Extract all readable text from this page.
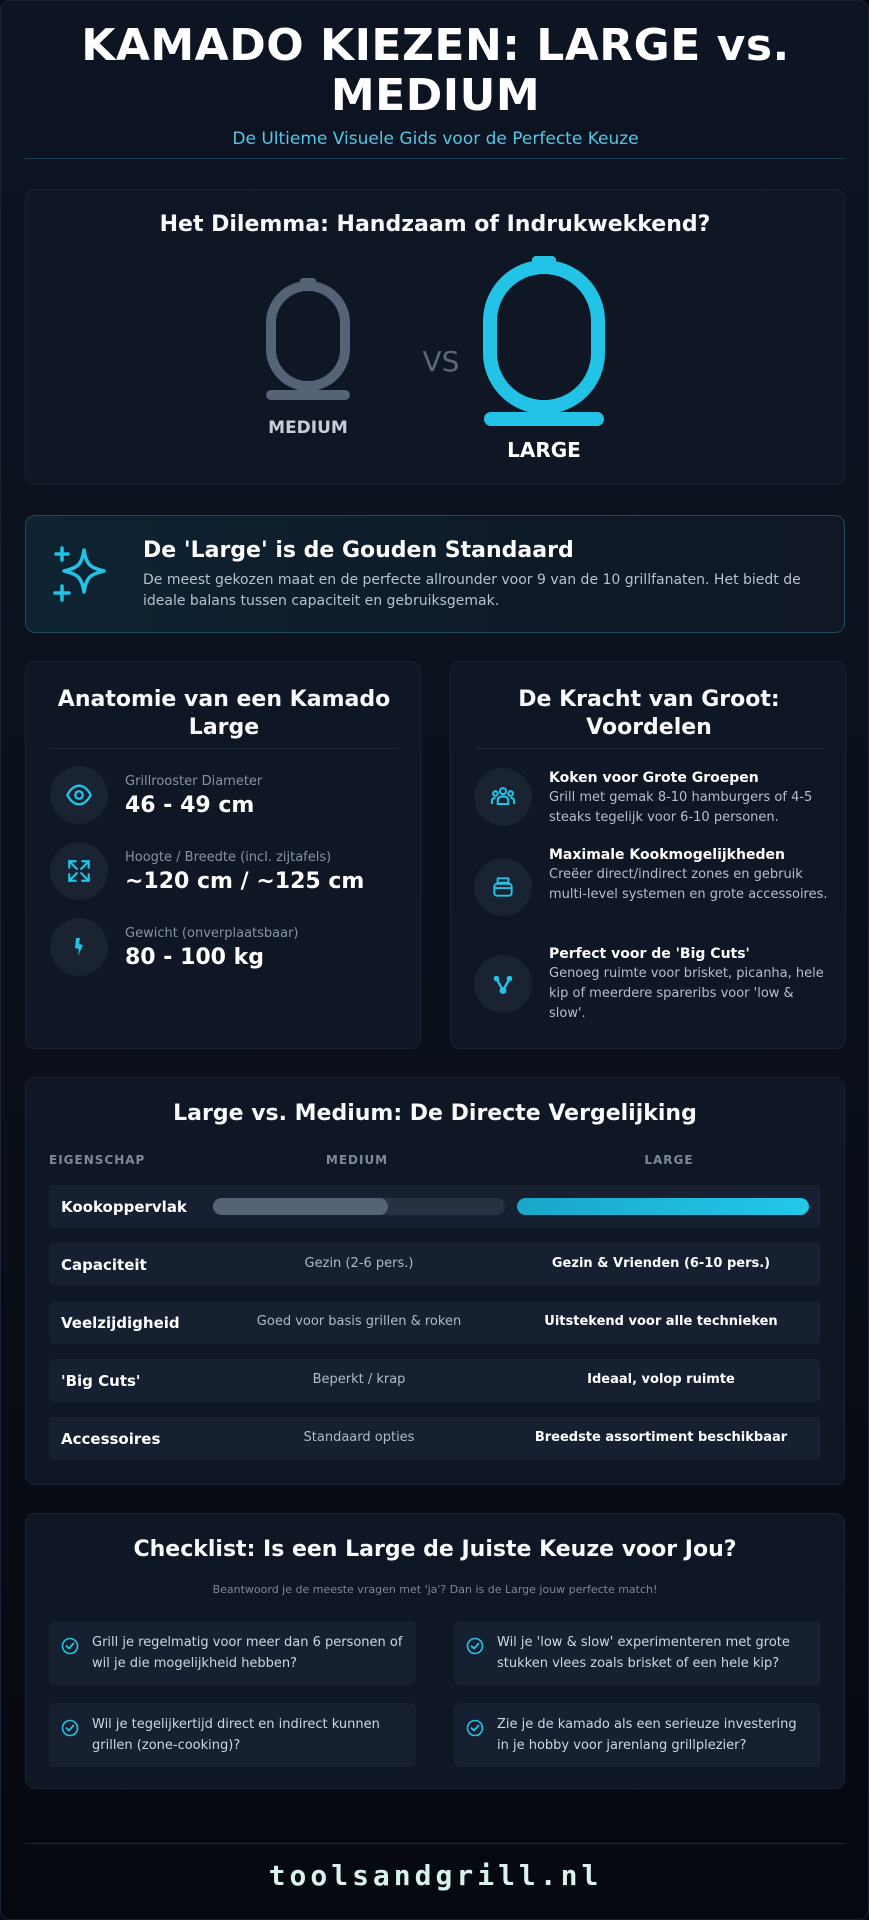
KAMADO KIEZEN: LARGE vs. MEDIUM
De Ultieme Visuele Gids voor de Perfecte Keuze
Het Dilemma: Handzaam of Indrukwekkend?
MEDIUM
VS
LARGE
De 'Large' is de Gouden Standaard
De meest gekozen maat en de perfecte allrounder voor 9 van de 10 grillfanaten. Het biedt de ideale balans tussen capaciteit en gebruiksgemak.
Anatomie van een Kamado Large
Grillrooster Diameter
46 - 49 cm
Hoogte / Breedte (incl. zijtafels)
~120 cm / ~125 cm
Gewicht (onverplaatsbaar)
80 - 100 kg
De Kracht van Groot: Voordelen
Koken voor Grote Groepen
Grill met gemak 8-10 hamburgers of 4-5 steaks tegelijk voor 6-10 personen.
Maximale Kookmogelijkheden
Creëer direct/indirect zones en gebruik multi-level systemen en grote accessoires.
Perfect voor de 'Big Cuts'
Genoeg ruimte voor brisket, picanha, hele kip of meerdere spareribs voor 'low & slow'.
Large vs. Medium: De Directe Vergelijking
EIGENSCHAP	MEDIUM	LARGE
Kookoppervlak
Capaciteit	Gezin (2-6 pers.)	Gezin & Vrienden (6-10 pers.)
Veelzijdigheid	Goed voor basis grillen & roken	Uitstekend voor alle technieken
'Big Cuts'	Beperkt / krap	Ideaal, volop ruimte
Accessoires	Standaard opties	Breedste assortiment beschikbaar
Checklist: Is een Large de Juiste Keuze voor Jou?
Beantwoord je de meeste vragen met 'ja'? Dan is de Large jouw perfecte match!
Grill je regelmatig voor meer dan 6 personen of wil je die mogelijkheid hebben?
Wil je 'low & slow' experimenteren met grote stukken vlees zoals brisket of een hele kip?
Wil je tegelijkertijd direct en indirect kunnen grillen (zone-cooking)?
Zie je de kamado als een serieuze investering in je hobby voor jarenlang grillplezier?
toolsandgrill.nl
